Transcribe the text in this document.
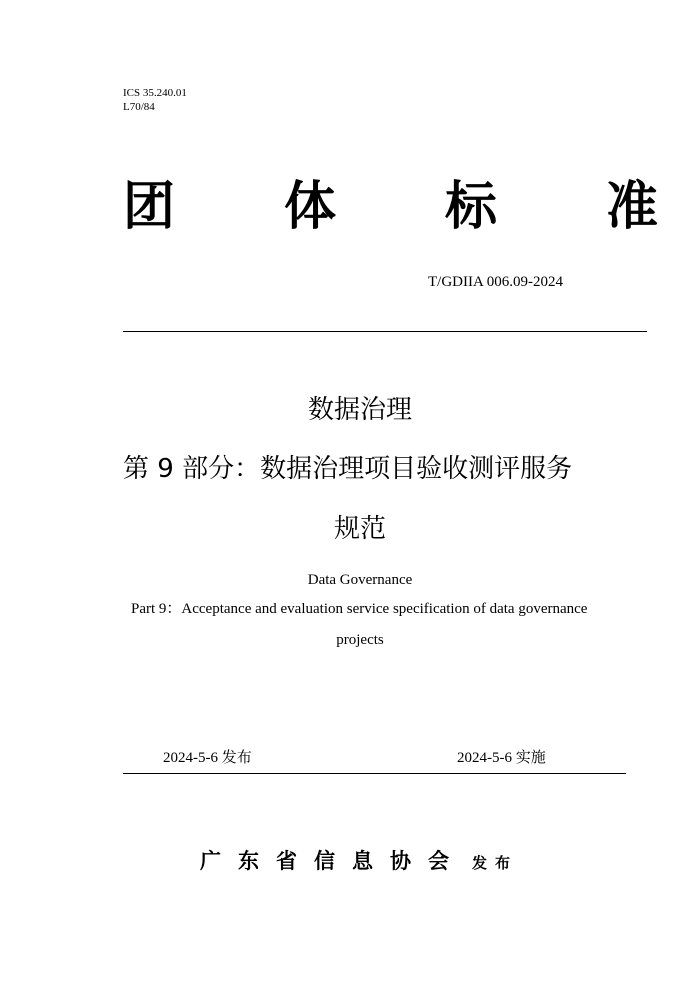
ICS 35.240.01
L70/84
团 体 标 准
T/GDIIA 006.09-2024
数据治理
第 9 部分：数据治理项目验收测评服务
规范
Data Governance
Part 9：Acceptance and evaluation service specification of data governance
projects
2024-5-6 发布	2024-5-6 实施
广东省信息协会 发布
